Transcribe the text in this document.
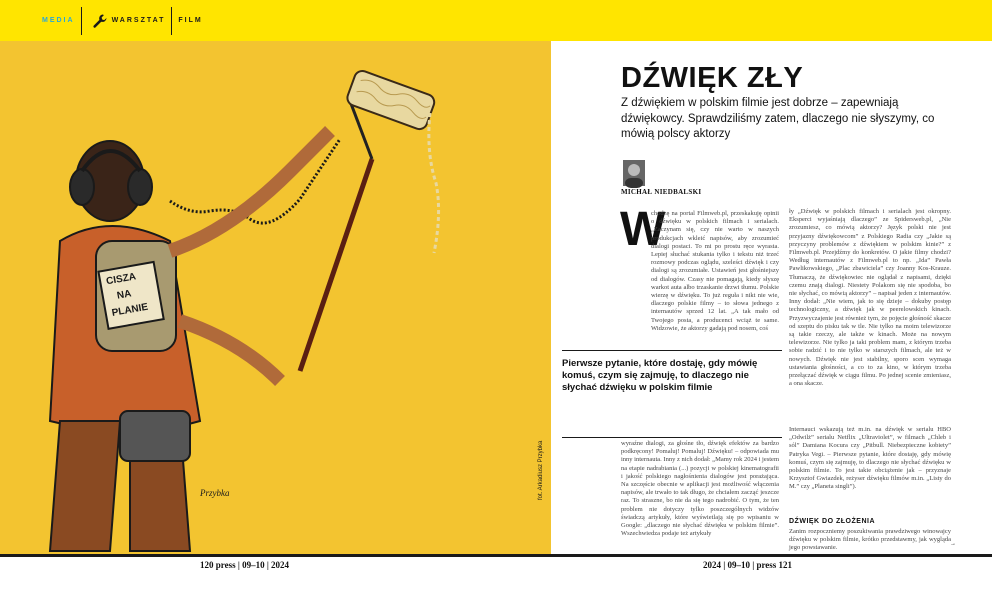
MEDIA	WARSZTAT FILM
CISZA
NA
PLANIE
Przybka	fot. Arkadiusz Przybka
DŹWIĘK ZŁY
Z dźwiękiem w polskim filmie jest dobrze – zapewniają dźwiękowcy. Sprawdziliśmy zatem, dlaczego nie słyszymy, co mówią polscy aktorzy
MICHAŁ NIEDBALSKI
W
chodzę na portal Filmweb.pl, przeskakuję opinii o dźwięku w polskich filmach i serialach. „Zaczynam się, czy nie warto w naszych produkcjach wkleić napisów, aby zrozumieć dialogi postaci. To mi po prostu ręce wyrasta. Lepiej słuchać stukania tylko i tekstu niż trzeć rozmowy podczas oglądu, szeleści dźwięk i czy dialogi są zrozumiałe. Ustawień jest głośniejszy od dialogów. Czasy nie pomagają, kiedy słyszę warkot auta albo trzaskanie drzwi tłumu. Polskie wierzę w dźwięku. To już reguła i nikt nie wie, dlaczego polskie filmy – to słowa jednego z internautów sprzed 12 lat. „A tak mało od Twojego posta, a producenci wciąż te same. Widzowie, że aktorzy gadają pod nosem, coś
Pierwsze pytanie, które dostaję, gdy mówię komuś, czym się zajmuję, to dlaczego nie słychać dźwięku w polskim filmie
wyraźne dialogi, za głośne tło, dźwięk efektów za bardzo podkręcony! Pomaluj! Pomaluj! Dźwięku! – odpowiada mu inny internauta. Inny z nich dodał: „Mamy rok 2024 i jestem na etapie nadrabiania (...) pozycji w polskiej kinematografii i jakość polskiego nagłośnienia dialogów jest porażająca. Na szczęście obecnie w aplikacji jest możliwość włączenia napisów, ale trwało to tak długo, że chciałem zacząć jeszcze raz. To straszne, bo nie da się tego nadrobić. O tym, że ten problem nie dotyczy tylko poszczególnych widzów świadczą artykuły, które wyświetlają się po wpisaniu w Google: „dlaczego nie słychać dźwięku w polskim filmie”. Wszechwiedza podaje też artykuły
ły „Dźwięk w polskich filmach i serialach jest okropny. Eksperci wyjaśniają dlaczego” ze Spidersweb.pl, „Nie zrozumiesz, co mówią aktorzy? Język polski nie jest przyjazny dźwiękowcom” z Polskiego Radia czy „Jakie są przyczyny problemów z dźwiękiem w polskim kinie?” z Filmweb.pl. Przejdźmy do konkretów. O jakie filmy chodzi? Według internautów z Filmweb.pl to np. „Ida” Pawła Pawlikowskiego, „Plac zbawiciela” czy Joanny Kos-Krauze. Tłumaczą, że dźwiękowiec nie oglądał z napisami, dzięki czemu znają dialogi. Niestety Polakom się nie spodoba, bo nie słychać, co mówią aktorzy” – napisał jeden z internautów. Inny dodał: „Nie wiem, jak to się dzieje – dokuby postęp technologiczny, a dźwięk jak w peerelowskich kinach. Przyzwyczajenie jest również tym, że pojęcie głośność skacze od szeptu do pisku tak w tle. Nie tylko na moim telewizorze są takie rzeczy, ale także w kinach. Może na nowym telewizorze. Nie tylko ja taki problem mam, z którym trzeba sobie radzić i to nie tylko w starszych filmach, ale też w nowych. Dźwięk nie jest stabilny, sporo scen wymaga ustawiania głośności, a co to za kino, w którym trzeba przełączać dźwięk w ciągu filmu. Po jednej scenie zmieniasz, a ona skacze.
Internauci wskazują też m.in. na dźwięk w serialu HBO „Odwilż” serialu Netflix „Ultraviolet”, w filmach „Chleb i sól” Damiana Kocura czy „Pitbull. Niebezpieczne kobiety” Patryka Vegi. – Pierwsze pytanie, które dostaję, gdy mówię komuś, czym się zajmuję, to dlaczego nie słychać dźwięku w polskim filmie. To jest takie obciążenie jak – przyznaje Krzysztof Gwiazdek, reżyser dźwięku filmów m.in. „Listy do M.” czy „Planeta singli”).
DŹWIĘK DO ZŁOŻENIA
Zanim rozpoczniemy poszukiwania prawdziwego winowajcy dźwięku w polskim filmie, krótko przedstawmy, jak wygląda jego powstawanie.
→
120 press | 09–10 | 2024	2024 | 09–10 | press 121
